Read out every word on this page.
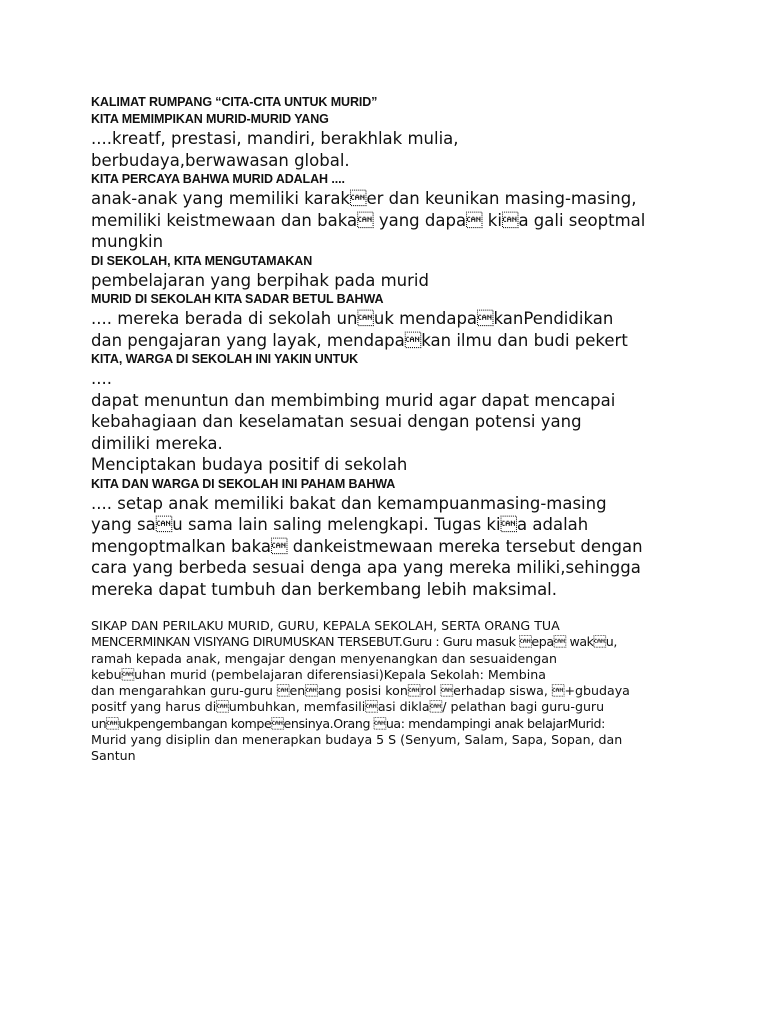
KALIMAT RUMPANG “CITA-CITA UNTUK MURID”
KITA MEMIMPIKAN MURID-MURID YANG
....kreatf, prestasi, mandiri, berakhlak mulia,
berbudaya,berwawasan global.
KITA PERCAYA BAHWA MURID ADALAH ....
anak-anak yang memiliki karaker dan keunikan masing-masing,
memiliki keistmewaan dan baka yang dapa kia gali seoptmal
mungkin
DI SEKOLAH, KITA MENGUTAMAKAN
pembelajaran yang berpihak pada murid
MURID DI SEKOLAH KITA SADAR BETUL BAHWA
.... mereka berada di sekolah unuk mendapakanPendidikan
dan pengajaran yang layak, mendapakan ilmu dan budi pekert
KITA, WARGA DI SEKOLAH INI YAKIN UNTUK
....
dapat menuntun dan membimbing murid agar dapat mencapai
kebahagiaan dan keselamatan sesuai dengan potensi yang
dimiliki mereka.
Menciptakan budaya positif di sekolah
KITA DAN WARGA DI SEKOLAH INI PAHAM BAHWA
.... setap anak memiliki bakat dan kemampuanmasing-masing
yang sau sama lain saling melengkapi. Tugas kia adalah
mengoptmalkan baka dankeistmewaan mereka tersebut dengan
cara yang berbeda sesuai denga apa yang mereka miliki,sehingga
mereka dapat tumbuh dan berkembang lebih maksimal.
SIKAP DAN PERILAKU MURID, GURU, KEPALA SEKOLAH, SERTA ORANG TUA
MENCERMINKAN VISIYANG DIRUMUSKAN TERSEBUT.Guru : Guru masuk epa waku,
ramah kepada anak, mengajar dengan menyenangkan dan sesuaidengan
kebuuhan murid (pembelajaran diferensiasi)Kepala Sekolah: Membina
dan mengarahkan guru-guru enang posisi konrol erhadap siswa, +gbudaya
positf yang harus diumbuhkan, memfasiliasi dikla/ pelathan bagi guru-guru
unukpengembangan kompeensinya.Orang ua: mendampingi anak belajarMurid:
Murid yang disiplin dan menerapkan budaya 5 S (Senyum, Salam, Sapa, Sopan, dan
Santun
